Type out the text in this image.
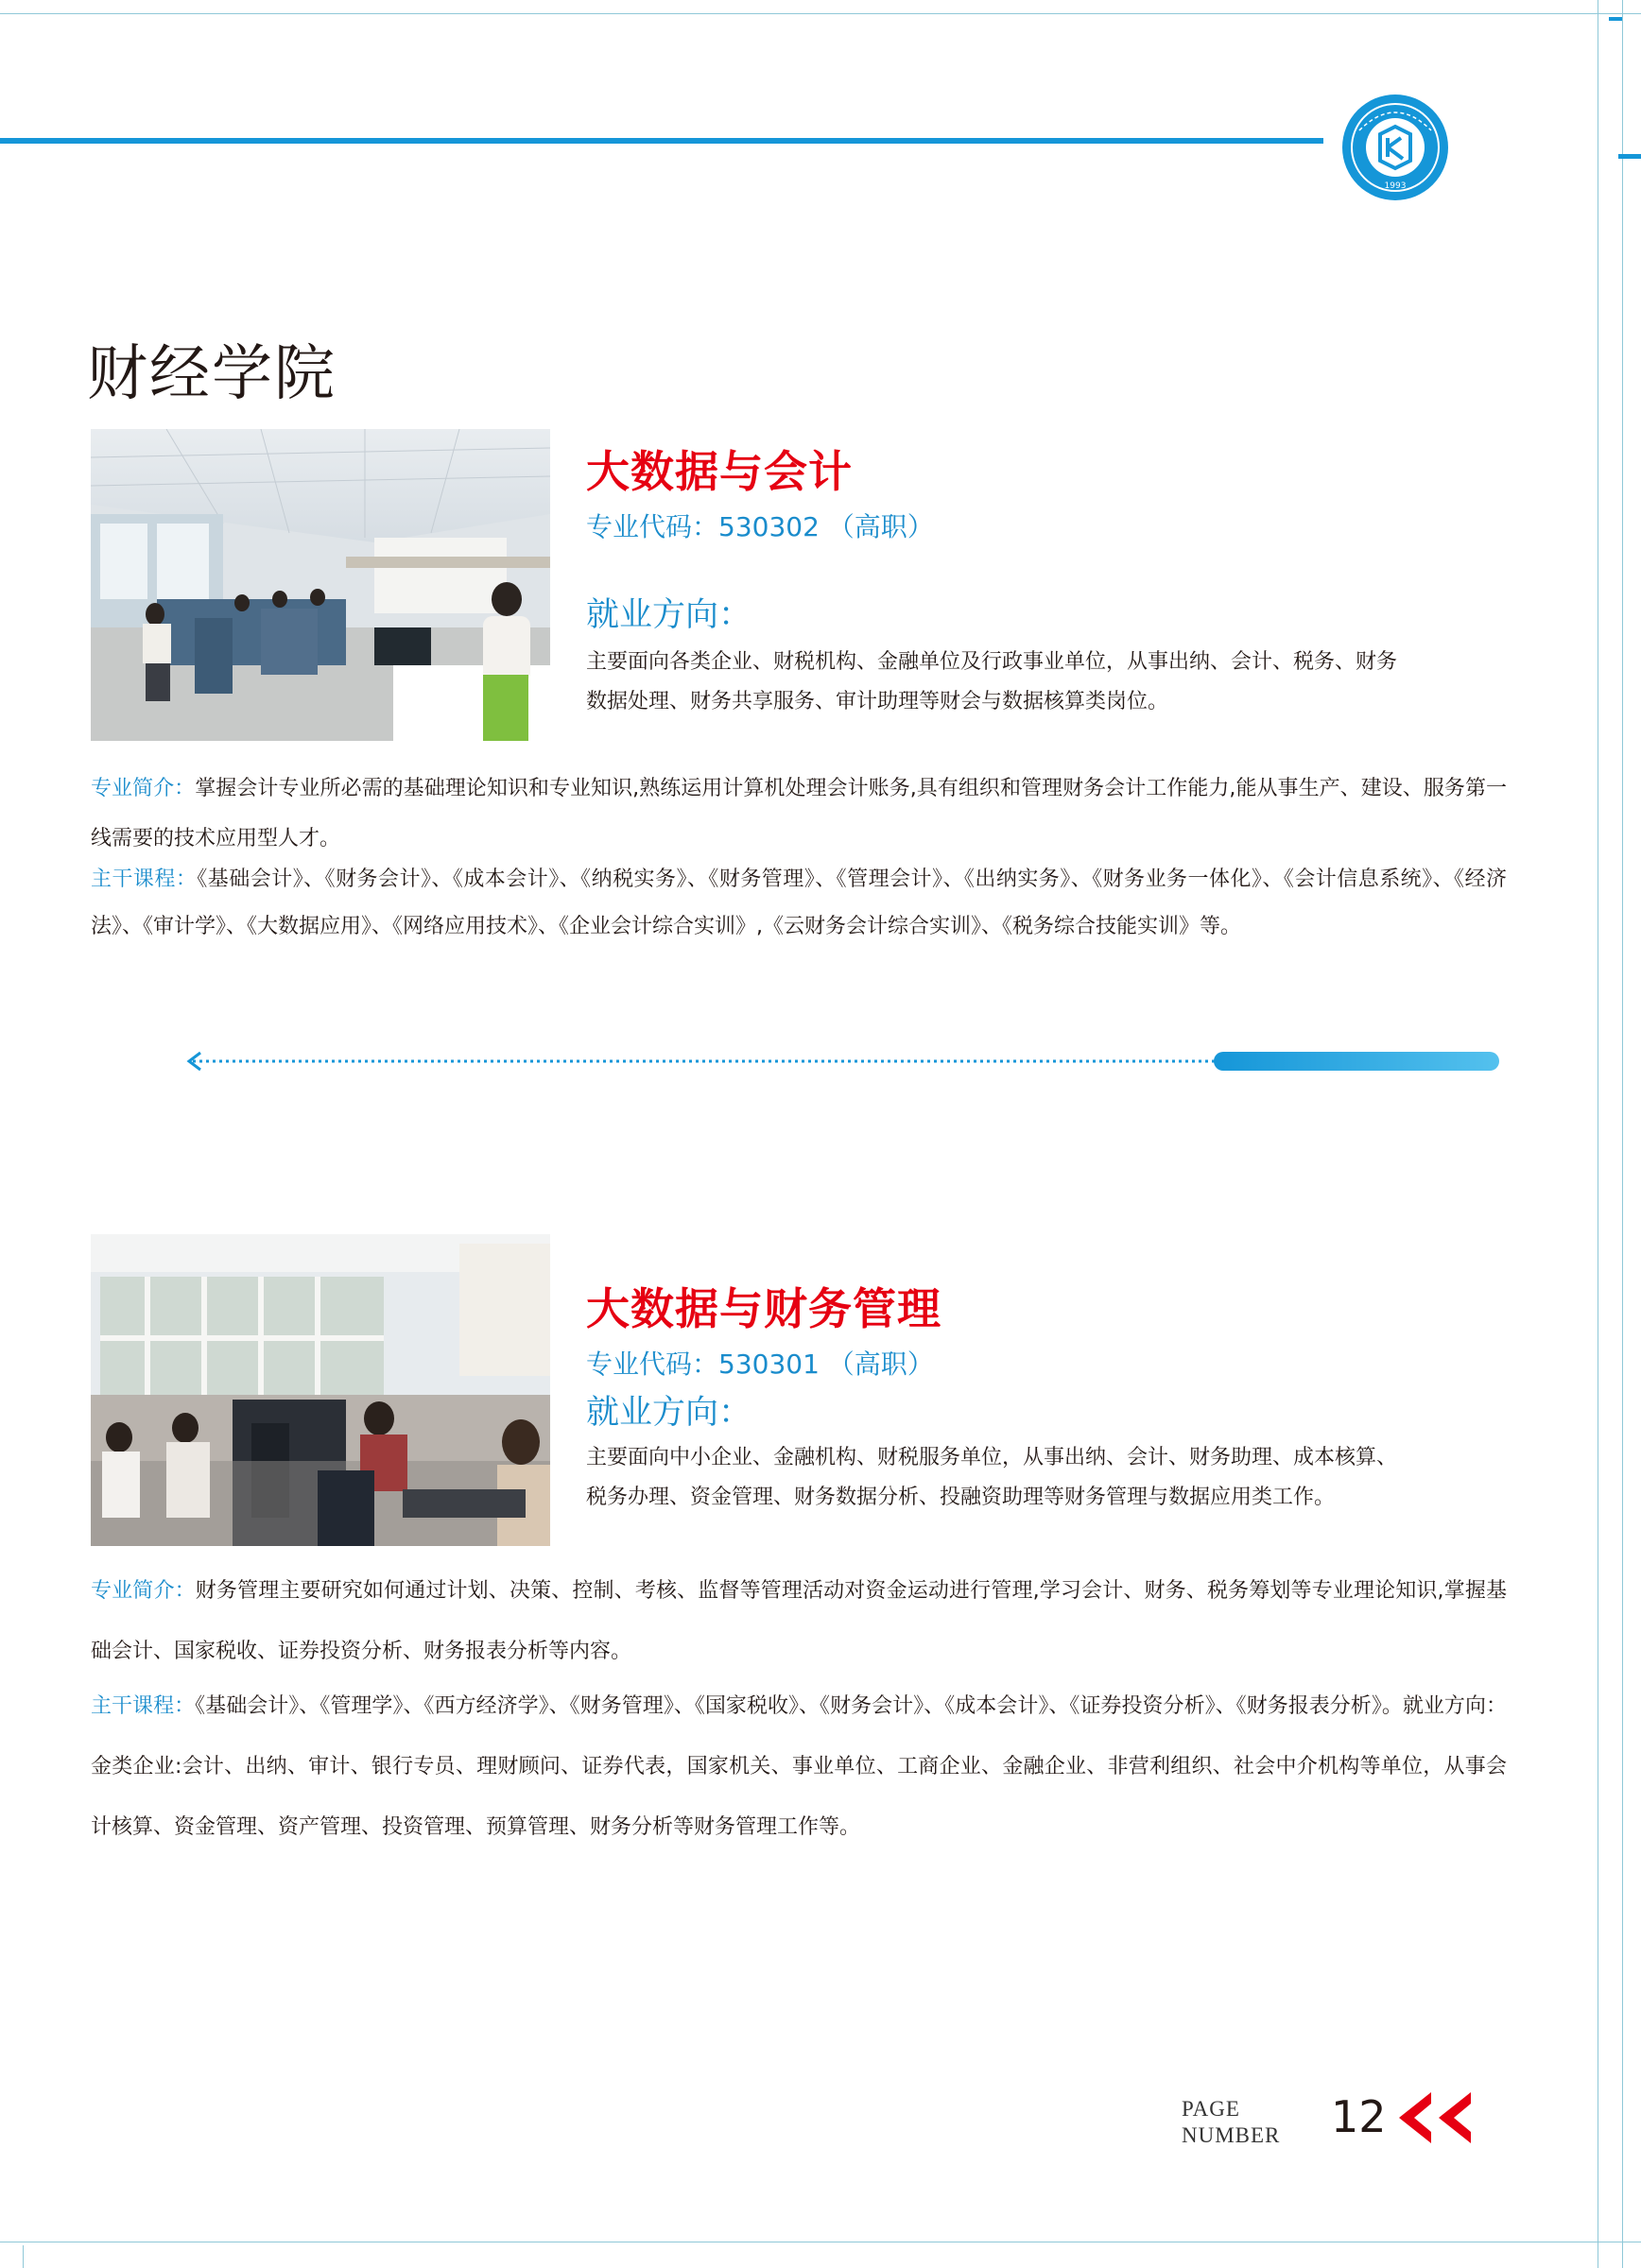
1993
财经学院
大数据与会计
专业代码：530302 （高职）
就业方向：
主要面向各类企业、财税机构、金融单位及行政事业单位，从事出纳、会计、税务、财务
数据处理、财务共享服务、审计助理等财会与数据核算类岗位。
专业简介：掌握会计专业所必需的基础理论知识和专业知识,熟练运用计算机处理会计账务,具有组织和管理财务会计工作能力,能从事生产、建设、服务第一线需要的技术应用型人才。
主干课程：《基础会计》、《财务会计》、《成本会计》、《纳税实务》、《财务管理》、《管理会计》、《出纳实务》、《财务业务一体化》、《会计信息系统》、《经济法》、《审计学》、《大数据应用》、《网络应用技术》、《企业会计综合实训》,《云财务会计综合实训》、《税务综合技能实训》等。
大数据与财务管理
专业代码：530301 （高职）
就业方向：
主要面向中小企业、金融机构、财税服务单位，从事出纳、会计、财务助理、成本核算、
税务办理、资金管理、财务数据分析、投融资助理等财务管理与数据应用类工作。
专业简介：财务管理主要研究如何通过计划、决策、控制、考核、监督等管理活动对资金运动进行管理,学习会计、财务、税务筹划等专业理论知识,掌握基础会计、国家税收、证券投资分析、财务报表分析等内容。
主干课程：《基础会计》、《管理学》、《西方经济学》、《财务管理》、《国家税收》、《财务会计》、《成本会计》、《证券投资分析》、《财务报表分析》。就业方向：金类企业:会计、出纳、审计、银行专员、理财顾问、证券代表，国家机关、事业单位、工商企业、金融企业、非营利组织、社会中介机构等单位，从事会计核算、资金管理、资产管理、投资管理、预算管理、财务分析等财务管理工作等。
PAGE
NUMBER 12
